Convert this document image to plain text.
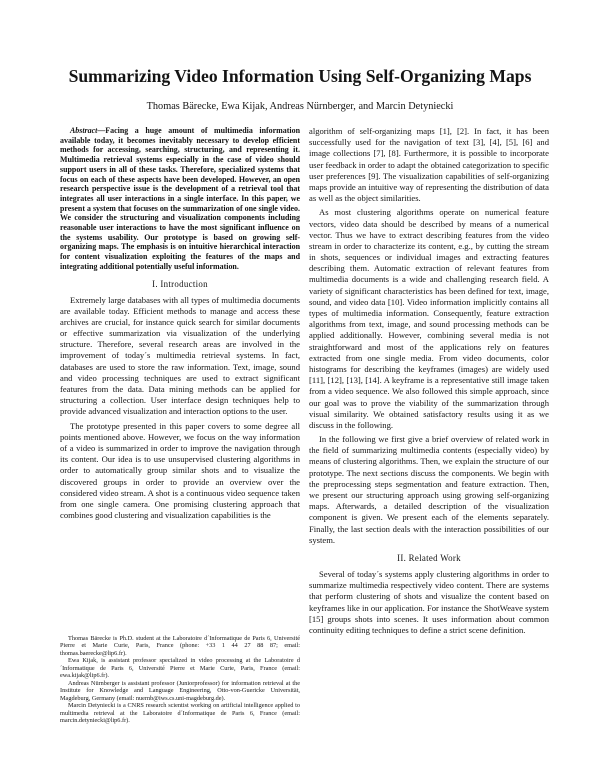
Summarizing Video Information Using Self-Organizing Maps
Thomas Bärecke, Ewa Kijak, Andreas Nürnberger, and Marcin Detyniecki

Abstract—Facing a huge amount of multimedia information available today, it becomes inevitably necessary to develop efficient methods for accessing, searching, structuring, and representing it. Multimedia retrieval systems especially in the case of video should support users in all of these tasks. Therefore, specialized systems that focus on each of these aspects have been developed. However, an open research perspective issue is the development of a retrieval tool that integrates all user interactions in a single interface. In this paper, we present a system that focuses on the summarization of one single video. We consider the structuring and visualization components including reasonable user interactions to have the most significant influence on the systems usability. Our prototype is based on growing self-organizing maps. The emphasis is on intuitive hierarchical interaction for content visualization exploiting the features of the maps and integrating additional potentially useful information.

I. Introduction

Extremely large databases with all types of multimedia documents are available today. Efficient methods to manage and access these archives are crucial, for instance quick search for similar documents or effective summarization via visualization of the underlying structure. Therefore, several research areas are involved in the improvement of today´s multimedia retrieval systems. In fact, databases are used to store the raw information. Text, image, sound and video processing techniques are used to extract significant features from the data. Data mining methods can be applied for structuring a collection. User interface design techniques help to provide advanced visualization and interaction options to the user.

The prototype presented in this paper covers to some degree all points mentioned above. However, we focus on the way information of a video is summarized in order to improve the navigation through its content. Our idea is to use unsupervised clustering algorithms in order to automatically group similar shots and to visualize the discovered groups in order to provide an overview over the considered video stream. A shot is a continuous video sequence taken from one single camera. One promising clustering approach that combines good clustering and visualization capabilities is the

Thomas Bärecke is Ph.D. student at the Laboratoire d´Informatique de Paris 6, Université Pierre et Marie Curie, Paris, France (phone: +33 1 44 27 88 87; email: thomas.baerecke@lip6.fr).

Ewa Kijak, is assistant professor specialized in video processing at the Laboratoire d´Informatique de Paris 6, Université Pierre et Marie Curie, Paris, France (email: ewa.kijak@lip6.fr).

Andreas Nürnberger is assistant professor (Juniorprofessor) for information retrieval at the Institute for Knowledge and Language Engineering, Otto-von-Guericke Universität, Magdeburg, Germany (email: nuernb@iws.cs.uni-magdeburg.de).

Marcin Detyniecki is a CNRS research scientist working on artificial intelligence applied to multimedia retrieval at the Laboratoire d´Informatique de Paris 6, France (email: marcin.detyniecki@lip6.fr).

algorithm of self-organizing maps [1], [2]. In fact, it has been successfully used for the navigation of text [3], [4], [5], [6] and image collections [7], [8]. Furthermore, it is possible to incorporate user feedback in order to adapt the obtained categorization to specific user preferences [9]. The visualization capabilities of self-organizing maps provide an intuitive way of representing the distribution of data as well as the object similarities.

As most clustering algorithms operate on numerical feature vectors, video data should be described by means of a numerical vector. Thus we have to extract describing features from the video stream in order to characterize its content, e.g., by cutting the stream in shots, sequences or individual images and extracting features describing them. Automatic extraction of relevant features from multimedia documents is a wide and challenging research field. A variety of significant characteristics has been defined for text, image, sound, and video data [10]. Video information implicitly contains all types of multimedia information. Consequently, feature extraction algorithms from text, image, and sound processing methods can be applied additionally. However, combining several media is not straightforward and most of the applications rely on features extracted from one single media. From video documents, color histograms for describing the keyframes (images) are widely used [11], [12], [13], [14]. A keyframe is a representative still image taken from a video sequence. We also followed this simple approach, since our goal was to prove the viability of the summarization through visual similarity. We obtained satisfactory results using it as we discuss in the following.

In the following we first give a brief overview of related work in the field of summarizing multimedia contents (especially video) by means of clustering algorithms. Then, we explain the structure of our prototype. The next sections discuss the components. We begin with the preprocessing steps segmentation and feature extraction. Then, we present our structuring approach using growing self-organizing maps. Afterwards, a detailed description of the visualization component is given. We present each of the elements separately. Finally, the last section deals with the interaction possibilities of our system.

II. Related Work

Several of today´s systems apply clustering algorithms in order to summarize multimedia respectively video content. There are systems that perform clustering of shots and visualize the content based on keyframes like in our application. For instance the ShotWeave system [15] groups shots into scenes. It uses information about common continuity editing techniques to define a strict scene definition.
